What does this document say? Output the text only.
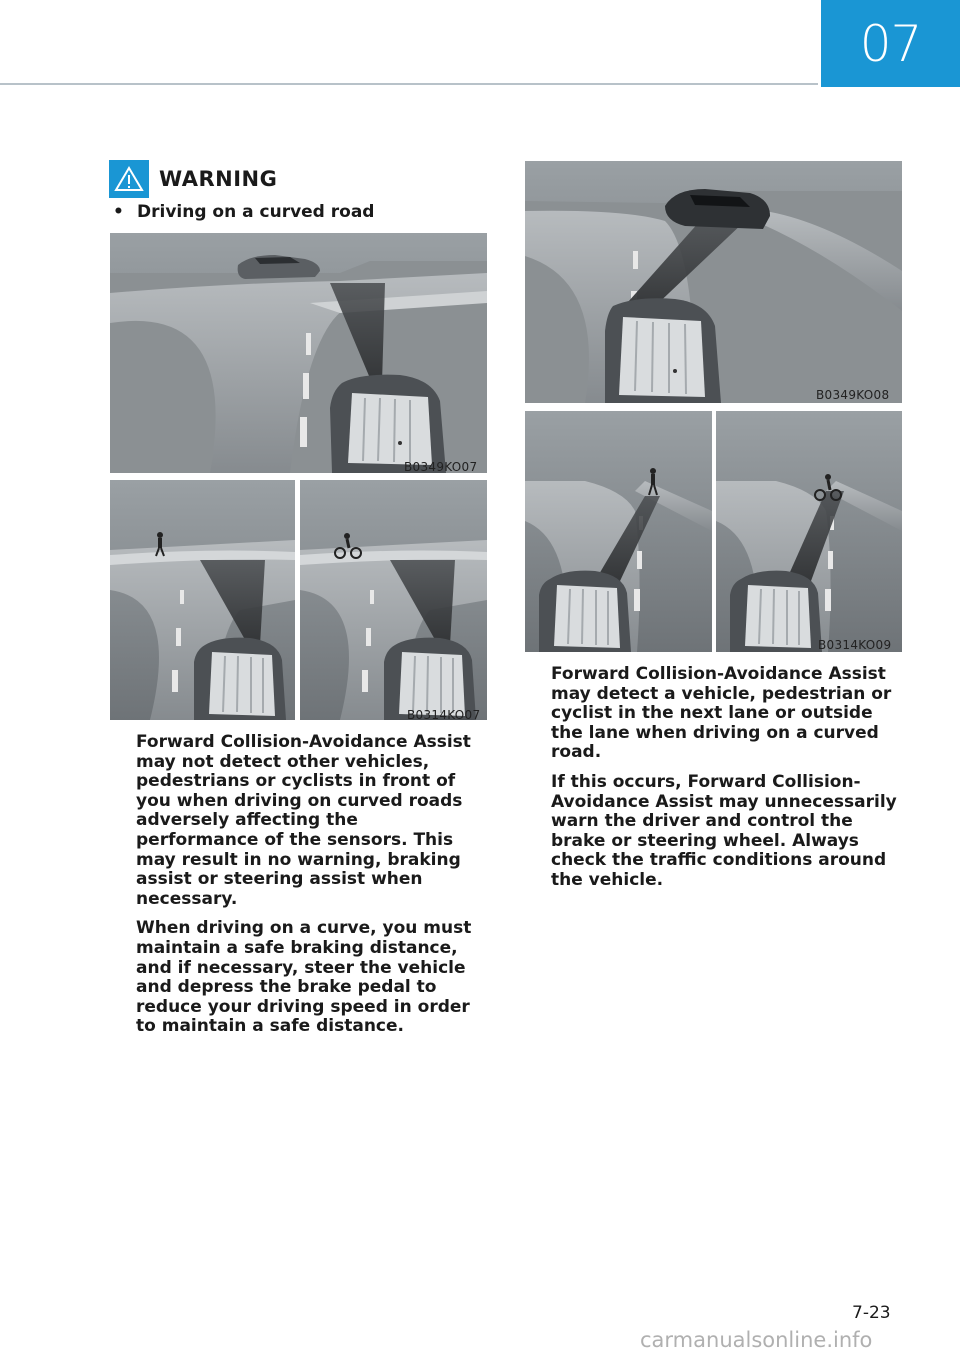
07
WARNING
• Driving on a curved road
B0349KO07
B0314KO07

Forward Collision-Avoidance Assist may not detect other vehicles, pedestrians or cyclists in front of you when driving on curved roads adversely affecting the performance of the sensors. This may result in no warning, braking assist or steering assist when necessary.

When driving on a curve, you must maintain a safe braking distance, and if necessary, steer the vehicle and depress the brake pedal to reduce your driving speed in order to maintain a safe distance.

B0349KO08
B0314KO09

Forward Collision-Avoidance Assist may detect a vehicle, pedestrian or cyclist in the next lane or outside the lane when driving on a curved road.

If this occurs, Forward Collision-Avoidance Assist may unnecessarily warn the driver and control the brake or steering wheel. Always check the traffic conditions around the vehicle.

7-23
carmanualsonline.info
